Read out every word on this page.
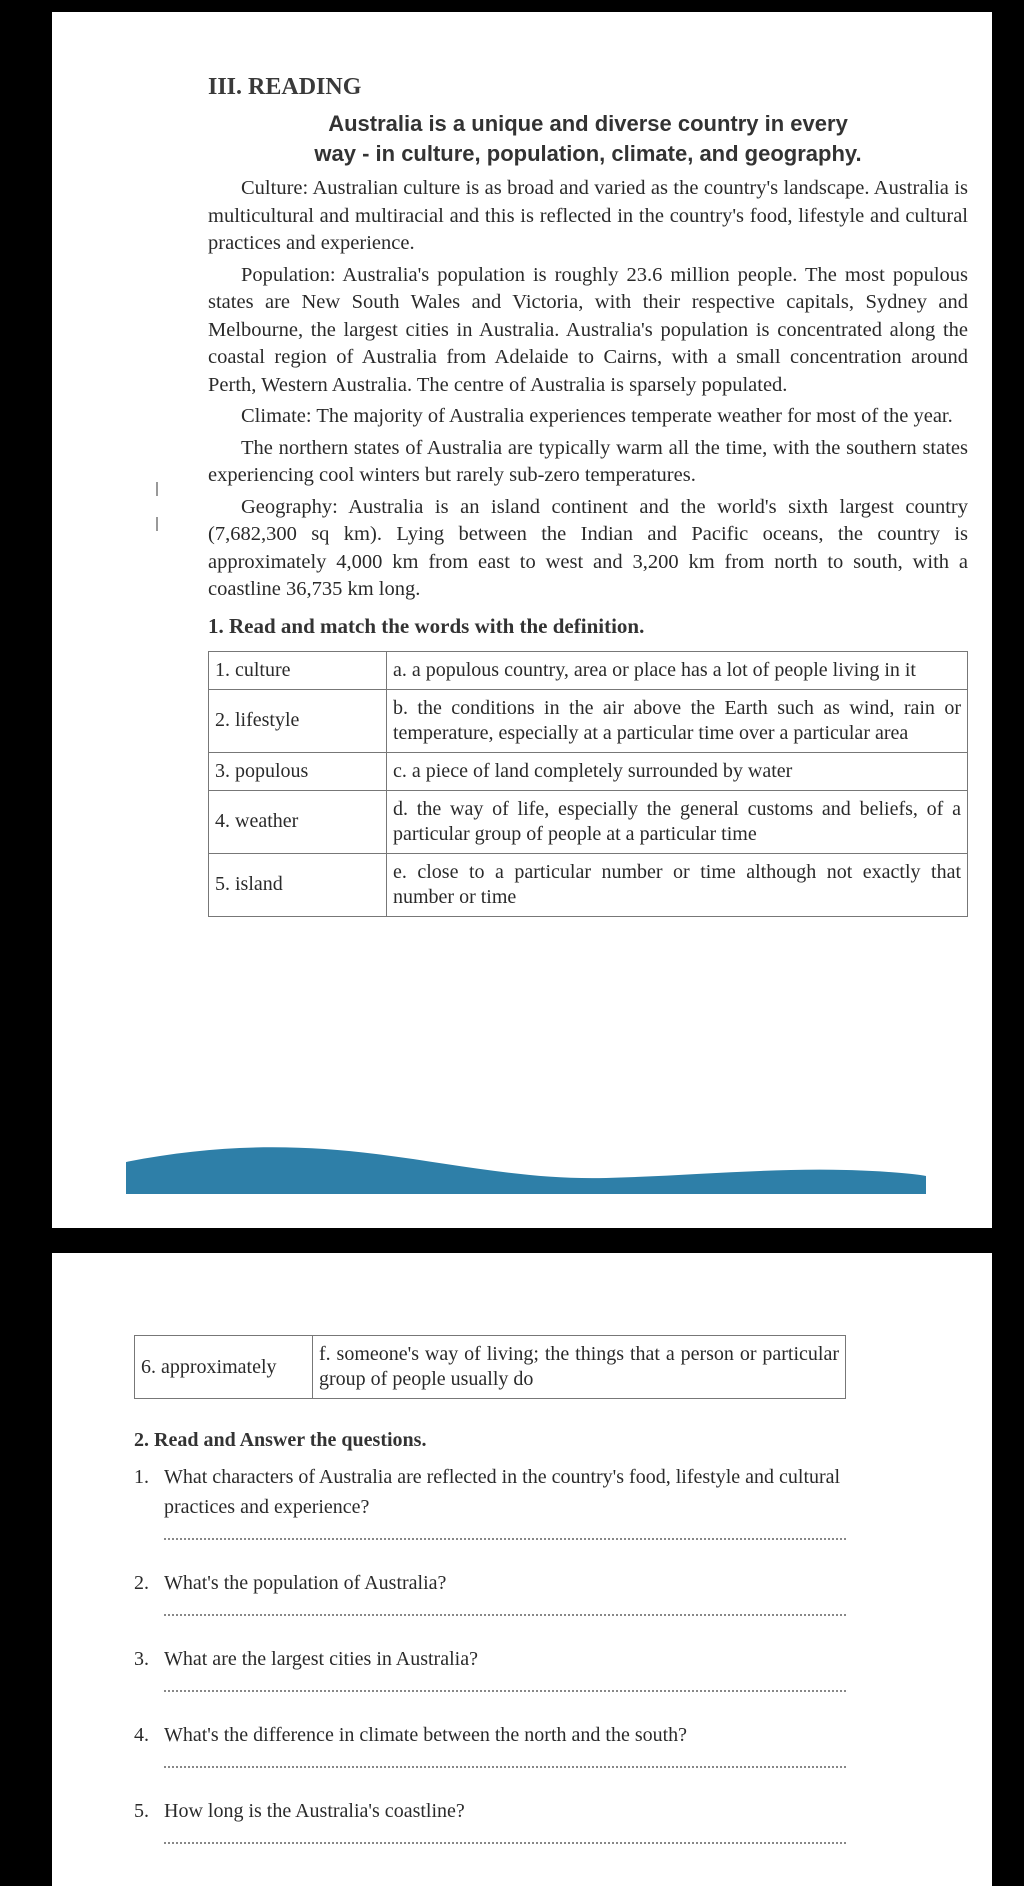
III. READING
Australia is a unique and diverse country in every
way - in culture, population, climate, and geography.

Culture: Australian culture is as broad and varied as the country's landscape. Australia is multicultural and multiracial and this is reflected in the country's food, lifestyle and cultural practices and experience.

Population: Australia's population is roughly 23.6 million people. The most populous states are New South Wales and Victoria, with their respective capitals, Sydney and Melbourne, the largest cities in Australia. Australia's population is concentrated along the coastal region of Australia from Adelaide to Cairns, with a small concentration around Perth, Western Australia. The centre of Australia is sparsely populated.

Climate: The majority of Australia experiences temperate weather for most of the year.

The northern states of Australia are typically warm all the time, with the southern states experiencing cool winters but rarely sub-zero temperatures.

Geography: Australia is an island continent and the world's sixth largest country (7,682,300 sq km). Lying between the Indian and Pacific oceans, the country is approximately 4,000 km from east to west and 3,200 km from north to south, with a coastline 36,735 km long.

1. Read and match the words with the definition.
1. culture	a. a populous country, area or place has a lot of people living in it
2. lifestyle	b. the conditions in the air above the Earth such as wind, rain or temperature, especially at a particular time over a particular area
3. populous	c. a piece of land completely surrounded by water
4. weather	d. the way of life, especially the general customs and beliefs, of a particular group of people at a particular time
5. island	e. close to a particular number or time although not exactly that number or time
6. approximately	f. someone's way of living; the things that a person or particular group of people usually do
2. Read and Answer the questions.
1. What characters of Australia are reflected in the country's food, lifestyle and cultural practices and experience?
2. What's the population of Australia?
3. What are the largest cities in Australia?
4. What's the difference in climate between the north and the south?
5. How long is the Australia's coastline?
